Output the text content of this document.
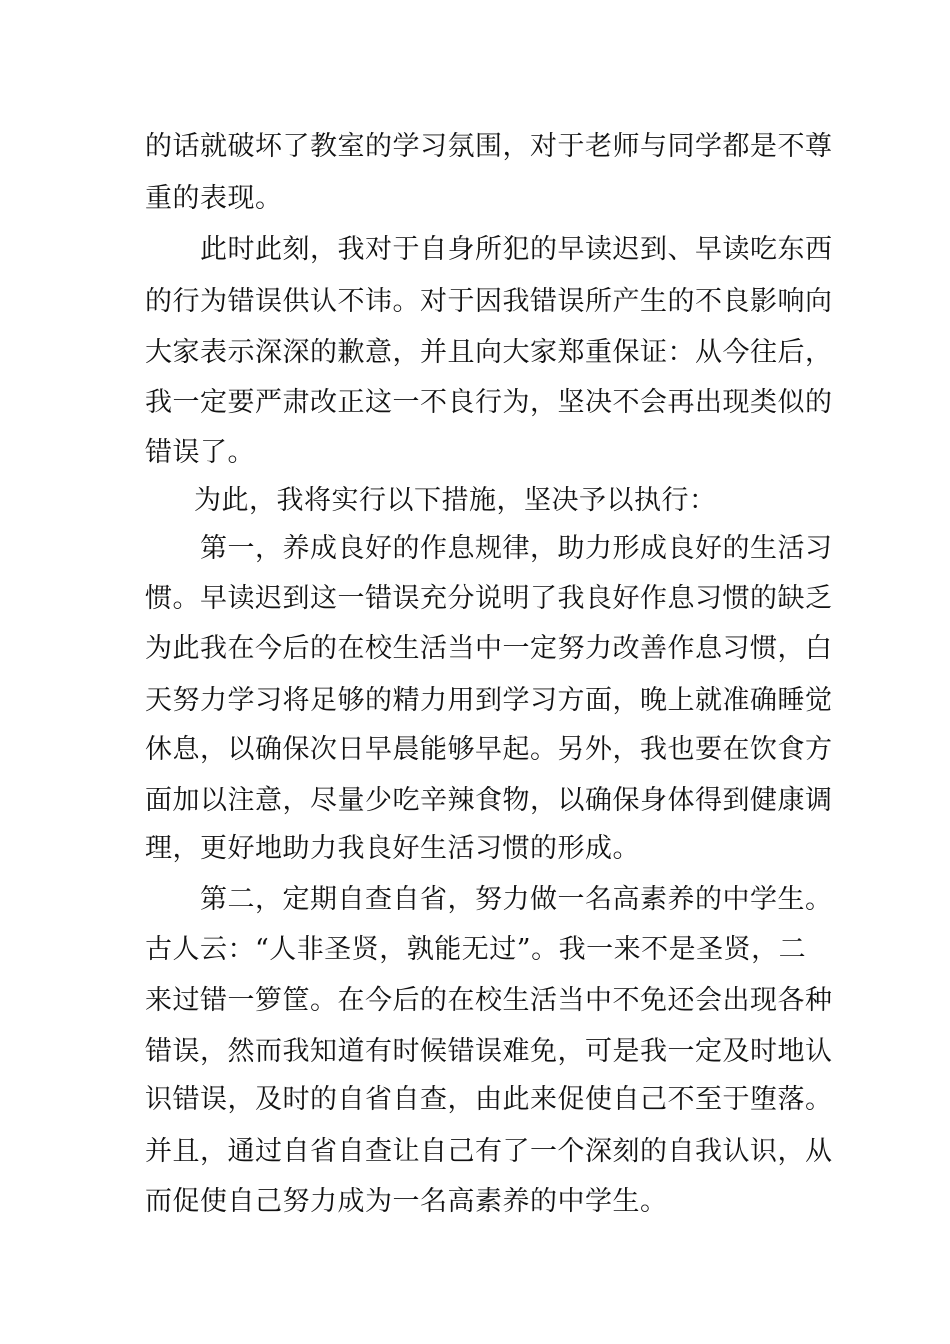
的话就破坏了教室的学习氛围，对于老师与同学都是不尊

重的表现。

此时此刻，我对于自身所犯的早读迟到、早读吃东西

的行为错误供认不讳。对于因我错误所产生的不良影响向

大家表示深深的歉意，并且向大家郑重保证：从今往后，

我一定要严肃改正这一不良行为，坚决不会再出现类似的

错误了。

为此，我将实行以下措施，坚决予以执行：

第一，养成良好的作息规律，助力形成良好的生活习

惯。早读迟到这一错误充分说明了我良好作息习惯的缺乏

为此我在今后的在校生活当中一定努力改善作息习惯，白

天努力学习将足够的精力用到学习方面，晚上就准确睡觉

休息，以确保次日早晨能够早起。另外，我也要在饮食方

面加以注意，尽量少吃辛辣食物，以确保身体得到健康调

理，更好地助力我良好生活习惯的形成。

第二，定期自查自省，努力做一名高素养的中学生。

古人云：“人非圣贤，孰能无过”。我一来不是圣贤，二

来过错一箩筐。在今后的在校生活当中不免还会出现各种

错误，然而我知道有时候错误难免，可是我一定及时地认

识错误，及时的自省自查，由此来促使自己不至于堕落。

并且，通过自省自查让自己有了一个深刻的自我认识，从

而促使自己努力成为一名高素养的中学生。
